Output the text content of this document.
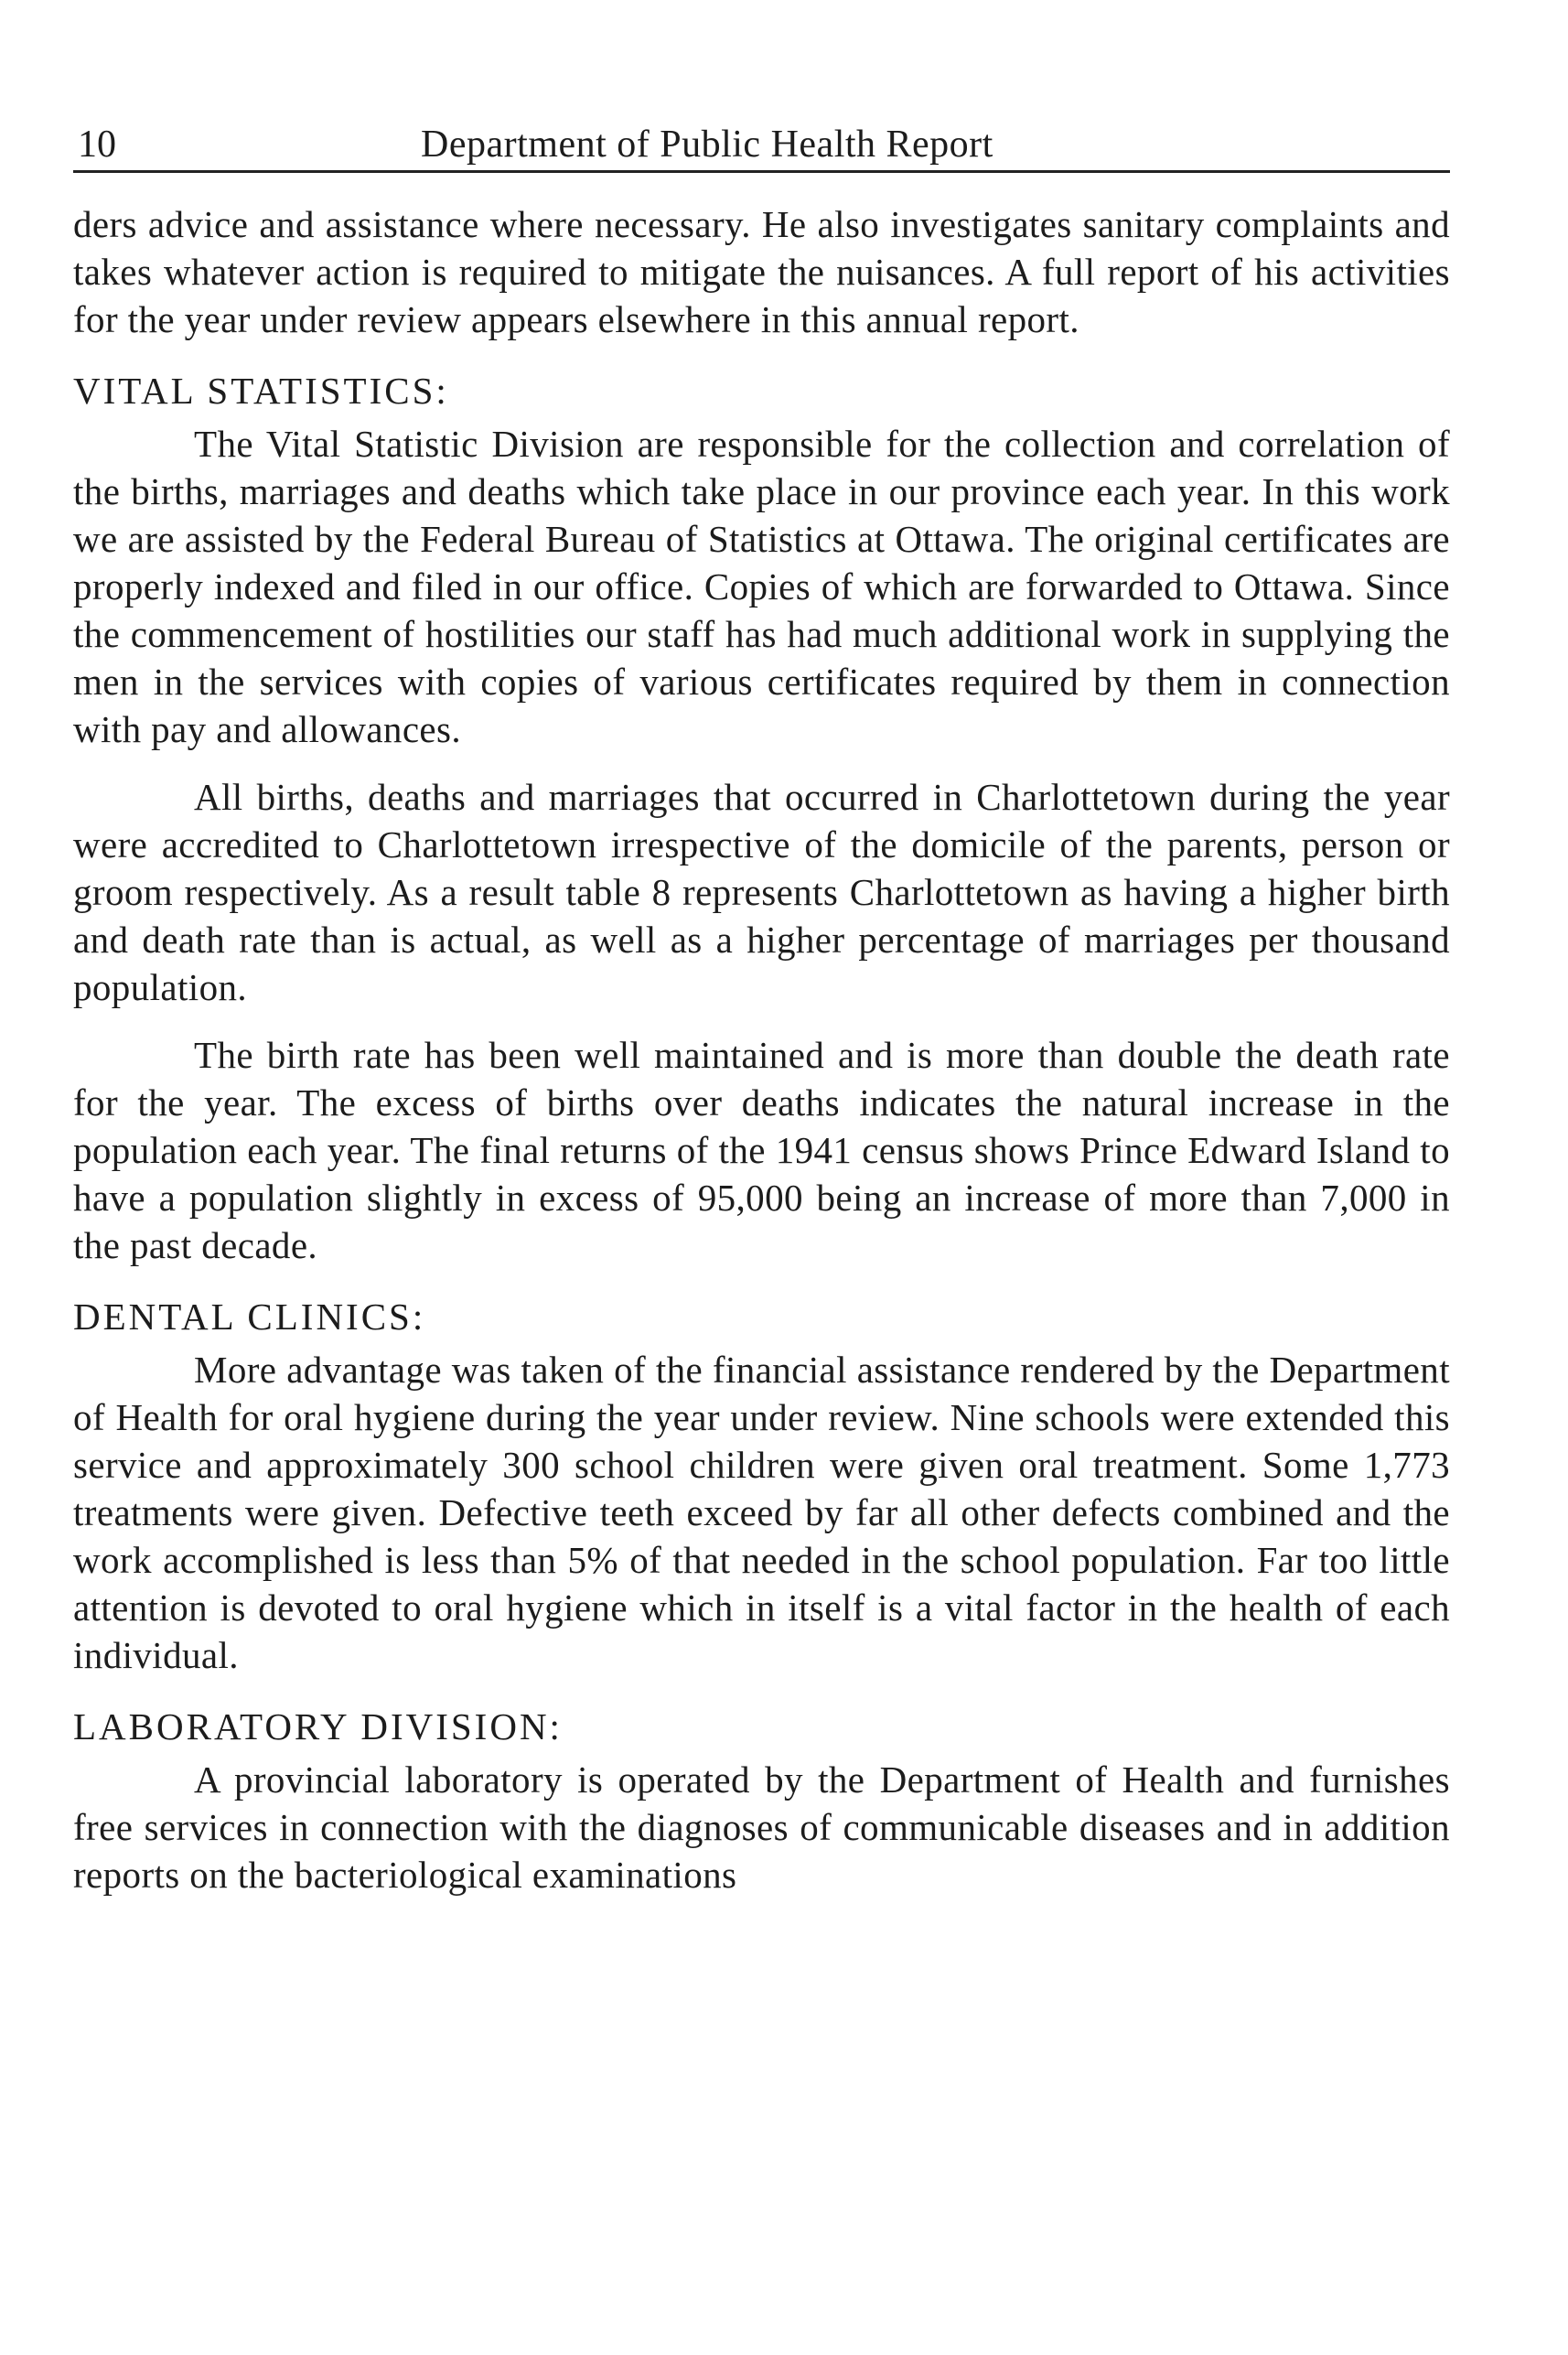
10	Department of Public Health Report

ders advice and assistance where necessary. He also investigates sanitary complaints and takes whatever action is required to mitigate the nuisances. A full report of his activities for the year under review appears elsewhere in this annual report.

VITAL STATISTICS:

The Vital Statistic Division are responsible for the collection and correlation of the births, marriages and deaths which take place in our province each year. In this work we are assisted by the Federal Bureau of Statistics at Ottawa. The original certificates are properly indexed and filed in our office. Copies of which are forwarded to Ottawa. Since the commencement of hostilities our staff has had much additional work in supplying the men in the services with copies of various certificates required by them in connection with pay and allowances.

All births, deaths and marriages that occurred in Charlottetown during the year were accredited to Charlottetown irrespective of the domicile of the parents, person or groom respectively. As a result table 8 represents Charlottetown as having a higher birth and death rate than is actual, as well as a higher percentage of marriages per thousand population.

The birth rate has been well maintained and is more than double the death rate for the year. The excess of births over deaths indicates the natural increase in the population each year. The final returns of the 1941 census shows Prince Edward Island to have a population slightly in excess of 95,000 being an increase of more than 7,000 in the past decade.

DENTAL CLINICS:

More advantage was taken of the financial assistance rendered by the Department of Health for oral hygiene during the year under review. Nine schools were extended this service and approximately 300 school children were given oral treatment. Some 1,773 treatments were given. Defective teeth exceed by far all other defects combined and the work accomplished is less than 5% of that needed in the school population. Far too little attention is devoted to oral hygiene which in itself is a vital factor in the health of each individual.

LABORATORY DIVISION:

A provincial laboratory is operated by the Department of Health and furnishes free services in connection with the diagnoses of communicable diseases and in addition reports on the bacteriological examinations
